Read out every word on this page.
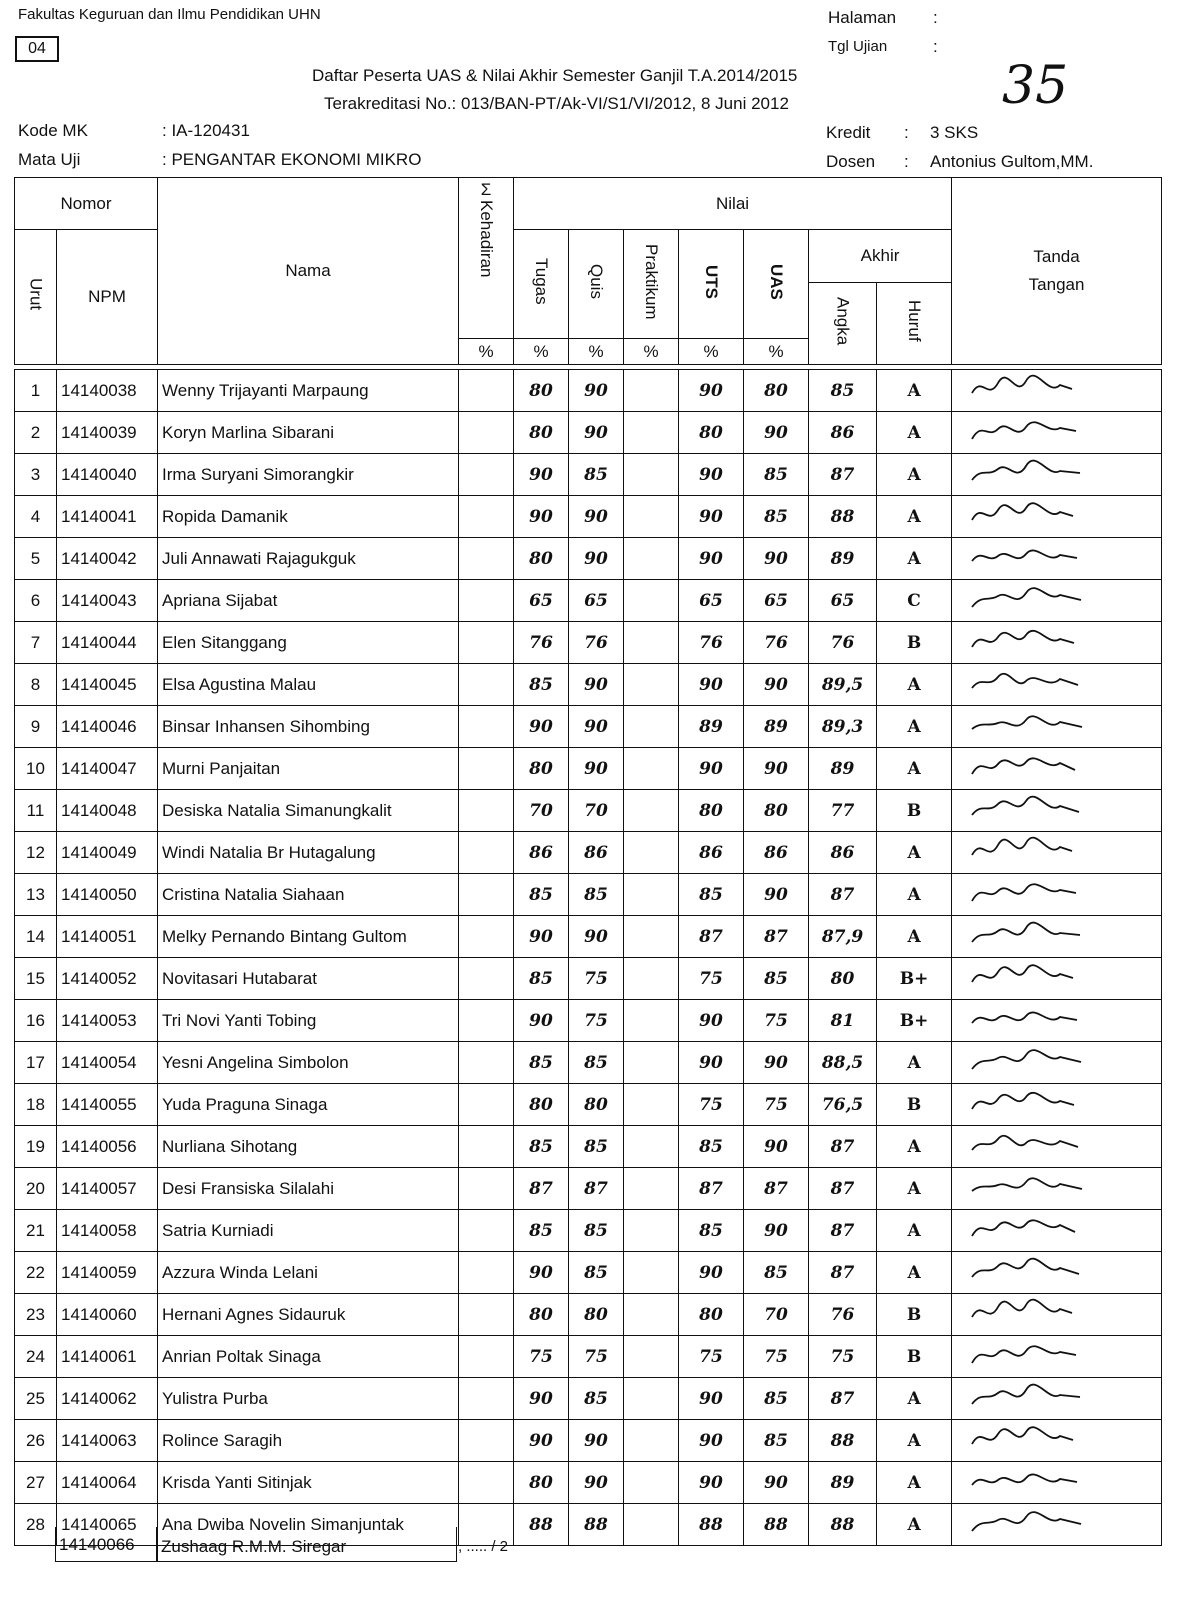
Fakultas Keguruan dan Ilmu Pendidikan UHN
04
Halaman :
Tgl Ujian	:
Daftar Peserta UAS & Nilai Akhir Semester Ganjil T.A.2014/2015
Terakreditasi No.: 013/BAN-PT/Ak-VI/S1/VI/2012, 8 Juni 2012	35
Kode MK	: IA-120431
Mata Uji	: PENGANTAR EKONOMI MIKRO
Kredit : 3 SKS
Dosen : Antonius Gultom,MM.
Nomor		Nama	Σ
Kehadiran	Nilai							Tanda Tangan

Urut	NPM			Tugas	Quis	Praktikum	UTS	UAS	Akhir		
									Angka	Huruf	
			%	%	%	%	%	%			

1	14140038	Wenny Trijayanti Marpaung		80	90		90	80	85	A	
2	14140039	Koryn Marlina Sibarani		80	90		80	90	86	A	
3	14140040	Irma Suryani Simorangkir		90	85		90	85	87	A	
4	14140041	Ropida Damanik		90	90		90	85	88	A	
5	14140042	Juli Annawati Rajagukguk		80	90		90	90	89	A	
6	14140043	Apriana Sijabat		65	65		65	65	65	C	
7	14140044	Elen Sitanggang		76	76		76	76	76	B	
8	14140045	Elsa Agustina Malau		85	90		90	90	89,5	A	
9	14140046	Binsar Inhansen Sihombing		90	90		89	89	89,3	A	
10	14140047	Murni Panjaitan		80	90		90	90	89	A	
11	14140048	Desiska Natalia Simanungkalit		70	70		80	80	77	B	
12	14140049	Windi Natalia Br Hutagalung		86	86		86	86	86	A	
13	14140050	Cristina Natalia Siahaan		85	85		85	90	87	A	
14	14140051	Melky Pernando Bintang Gultom		90	90		87	87	87,9	A	
15	14140052	Novitasari Hutabarat		85	75		75	85	80	B+	
16	14140053	Tri Novi Yanti Tobing		90	75		90	75	81	B+	
17	14140054	Yesni Angelina Simbolon		85	85		90	90	88,5	A	
18	14140055	Yuda Praguna Sinaga		80	80		75	75	76,5	B	
19	14140056	Nurliana Sihotang		85	85		85	90	87	A	
20	14140057	Desi Fransiska Silalahi		87	87		87	87	87	A	
21	14140058	Satria Kurniadi		85	85		85	90	87	A	
22	14140059	Azzura Winda Lelani		90	85		90	85	87	A	
23	14140060	Hernani Agnes Sidauruk		80	80		80	70	76	B	
24	14140061	Anrian Poltak Sinaga		75	75		75	75	75	B	
25	14140062	Yulistra Purba		90	85		90	85	87	A	
26	14140063	Rolince Saragih		90	90		90	85	88	A	
27	14140064	Krisda Yanti Sitinjak		80	90		90	90	89	A	
28	14140065	Ana Dwiba Novelin Simanjuntak		88	88		88	88	88	A	
14140066 Zushaag R.M.M. Siregar	, ..... / 2
